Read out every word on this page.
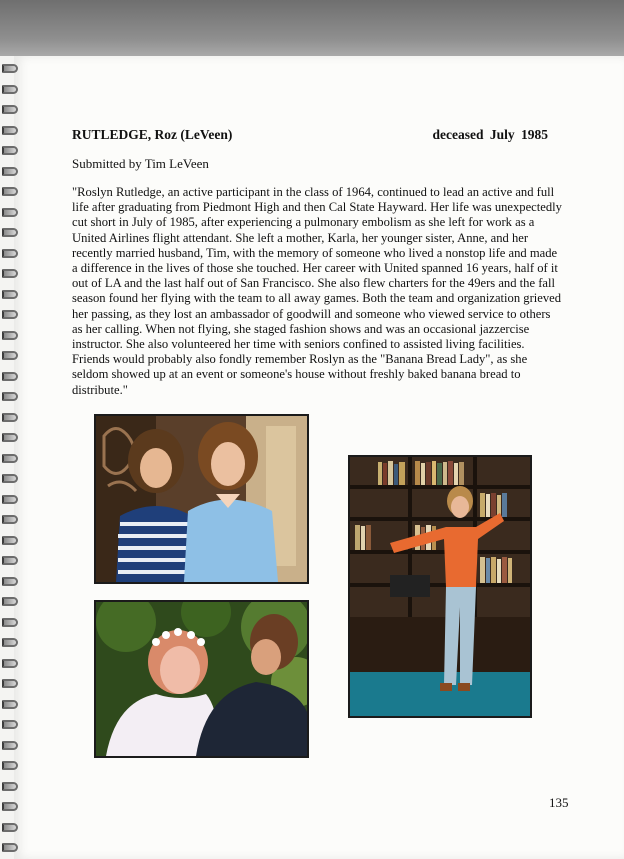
RUTLEDGE, Roz (LeVeen)	deceased July 1985
Submitted by Tim LeVeen

"Roslyn Rutledge, an active participant in the class of 1964, continued to lead an active and full life after graduating from Piedmont High and then Cal State Hayward. Her life was unexpectedly cut short in July of 1985, after experiencing a pulmonary embolism as she left for work as a United Airlines flight attendant. She left a mother, Karla, her younger sister, Anne, and her recently married husband, Tim, with the memory of someone who lived a nonstop life and made a difference in the lives of those she touched. Her career with United spanned 16 years, half of it out of LA and the last half out of San Francisco. She also flew charters for the 49ers and the fall season found her flying with the team to all away games. Both the team and organization grieved her passing, as they lost an ambassador of goodwill and someone who viewed service to others as her calling. When not flying, she staged fashion shows and was an occasional jazzercise instructor. She also volunteered her time with seniors confined to assisted living facilities.

Friends would probably also fondly remember Roslyn as the "Banana Bread Lady", as she seldom showed up at an event or someone's house without freshly baked banana bread to distribute."

135
